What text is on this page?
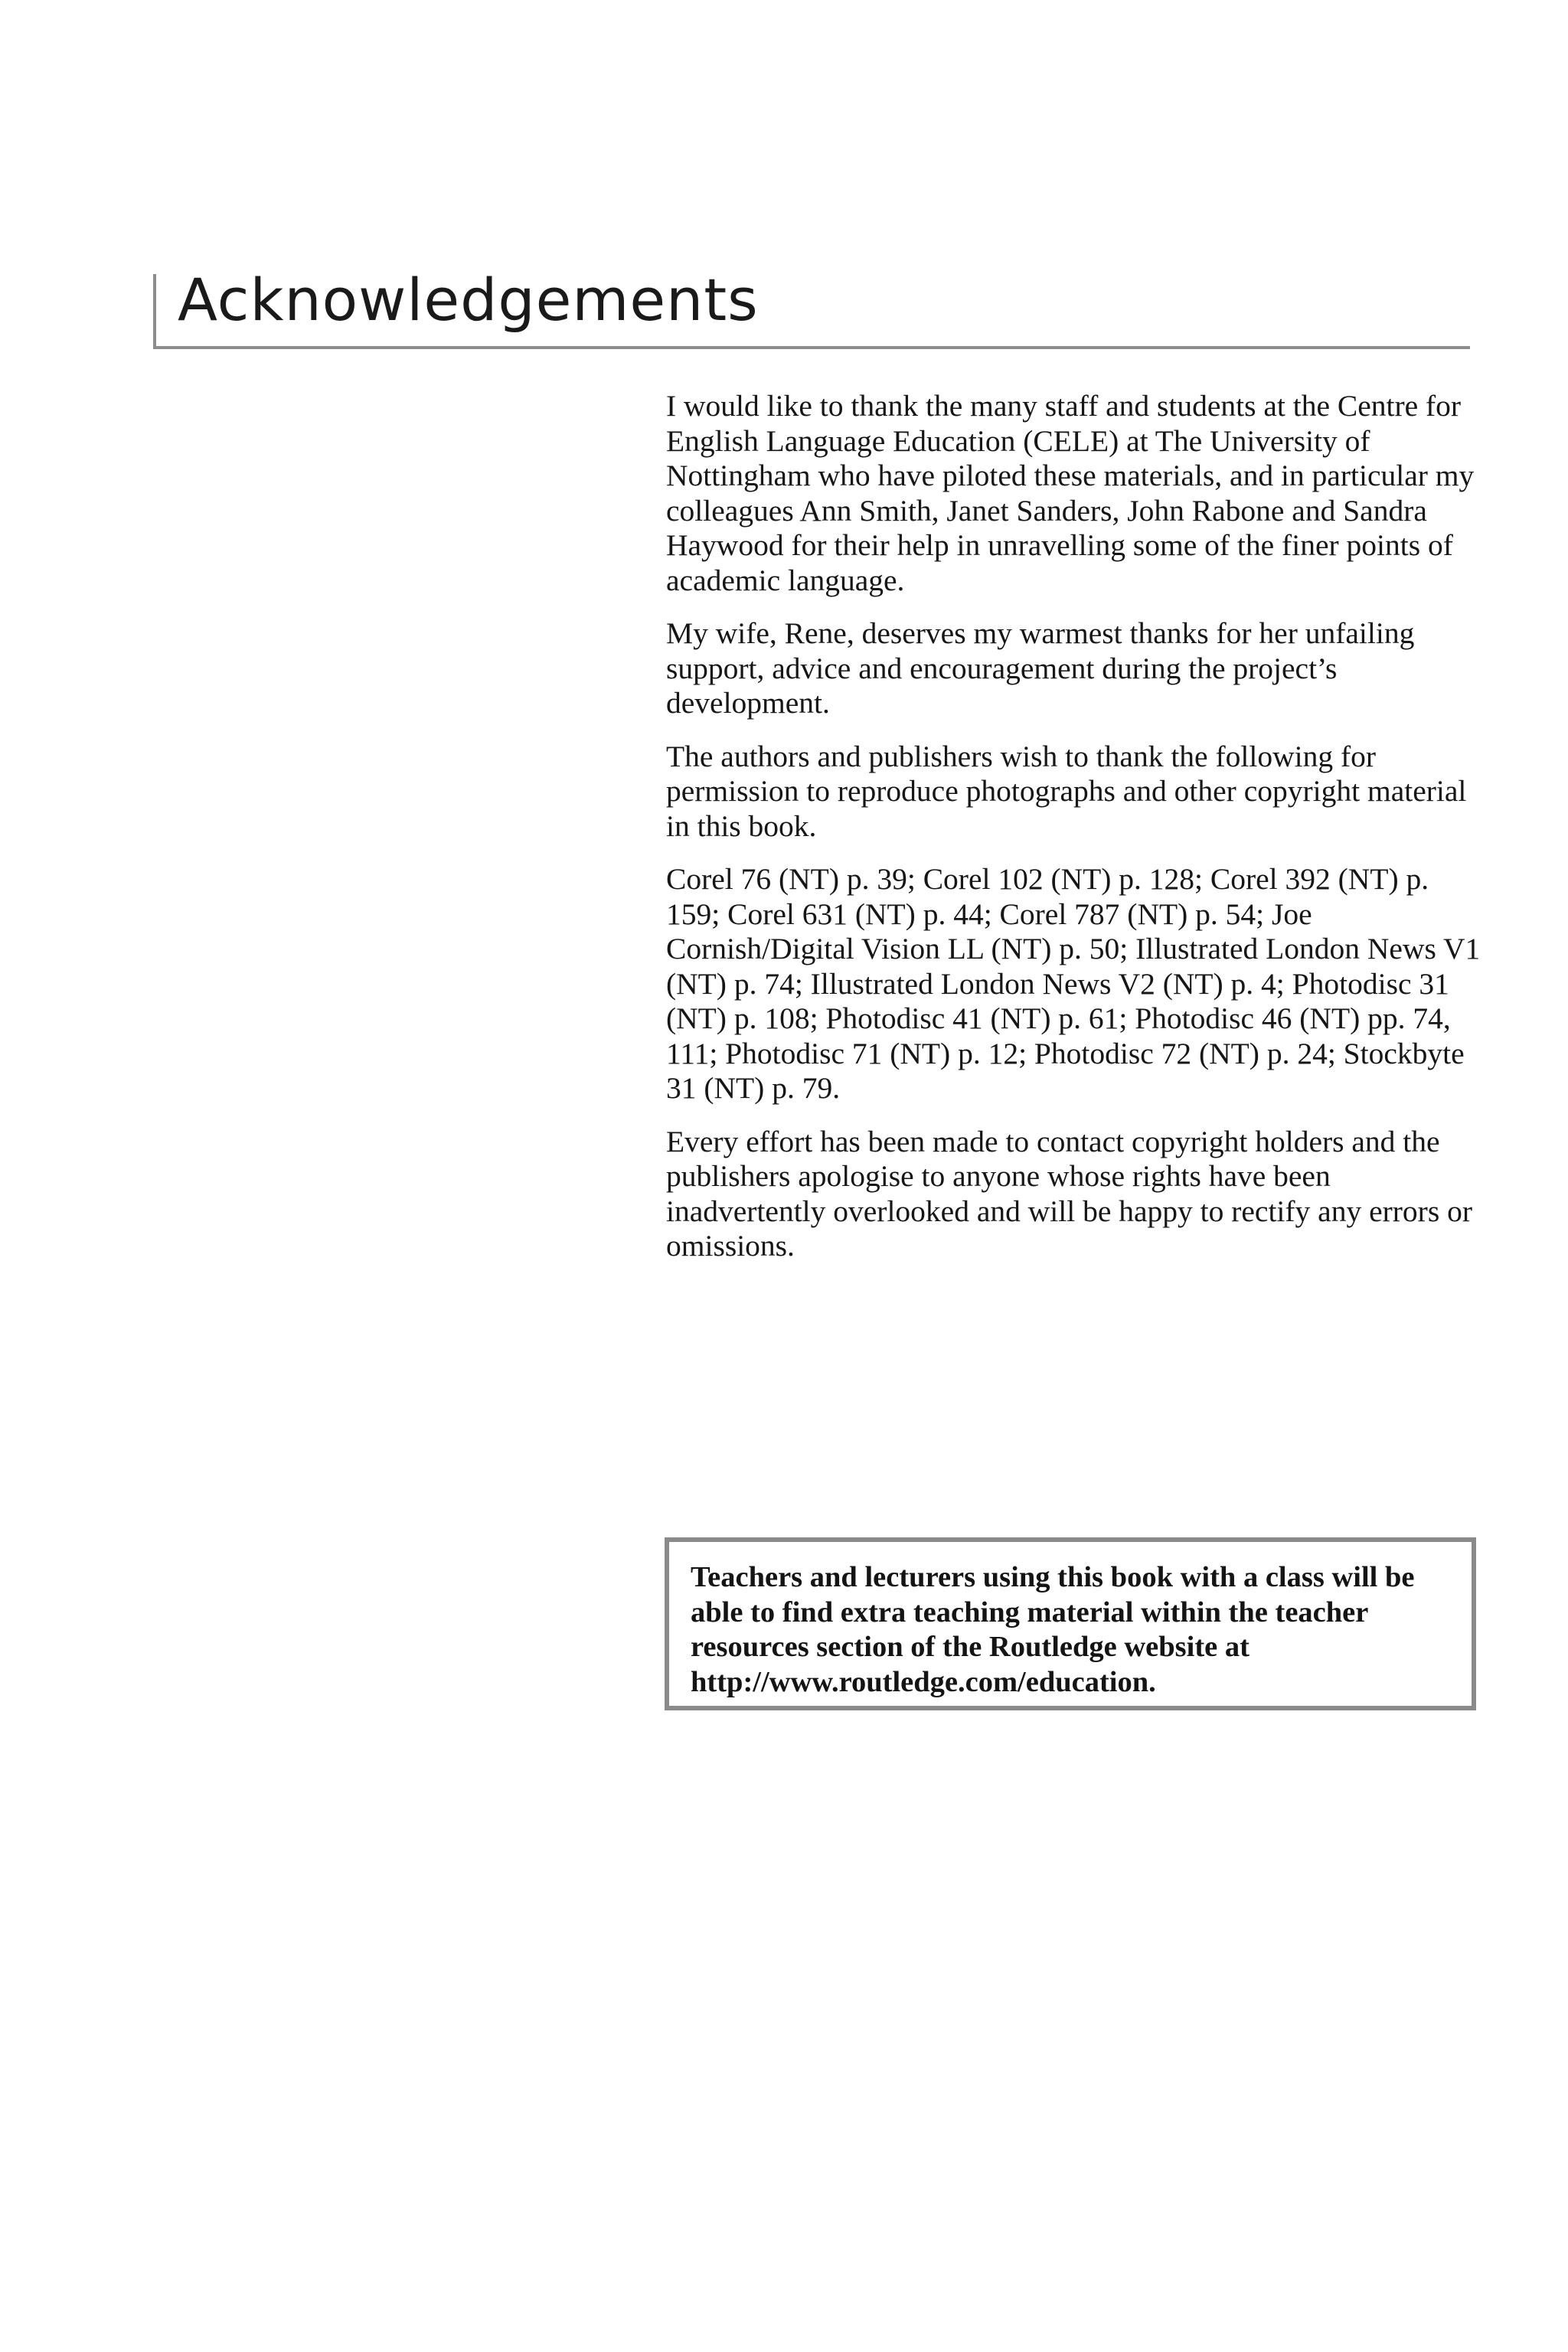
Acknowledgements

I would like to thank the many staff and students at the Centre for English Language Education (CELE) at The University of Nottingham who have piloted these materials, and in particular my colleagues Ann Smith, Janet Sanders, John Rabone and Sandra Haywood for their help in unravelling some of the finer points of academic language.

My wife, Rene, deserves my warmest thanks for her unfailing support, advice and encouragement during the project’s development.

The authors and publishers wish to thank the following for permission to reproduce photographs and other copyright material in this book.

Corel 76 (NT) p. 39; Corel 102 (NT) p. 128; Corel 392 (NT) p. 159; Corel 631 (NT) p. 44; Corel 787 (NT) p. 54; Joe Cornish/Digital Vision LL (NT) p. 50; Illustrated London News V1 (NT) p. 74; Illustrated London News V2 (NT) p. 4; Photodisc 31 (NT) p. 108; Photodisc 41 (NT) p. 61; Photodisc 46 (NT) pp. 74, 111; Photodisc 71 (NT) p. 12; Photodisc 72 (NT) p. 24; Stockbyte 31 (NT) p. 79.

Every effort has been made to contact copyright holders and the publishers apologise to anyone whose rights have been inadvertently overlooked and will be happy to rectify any errors or omissions.

Teachers and lecturers using this book with a class will be able to find extra teaching material within the teacher resources section of the Routledge website at http://www.routledge.com/education.
